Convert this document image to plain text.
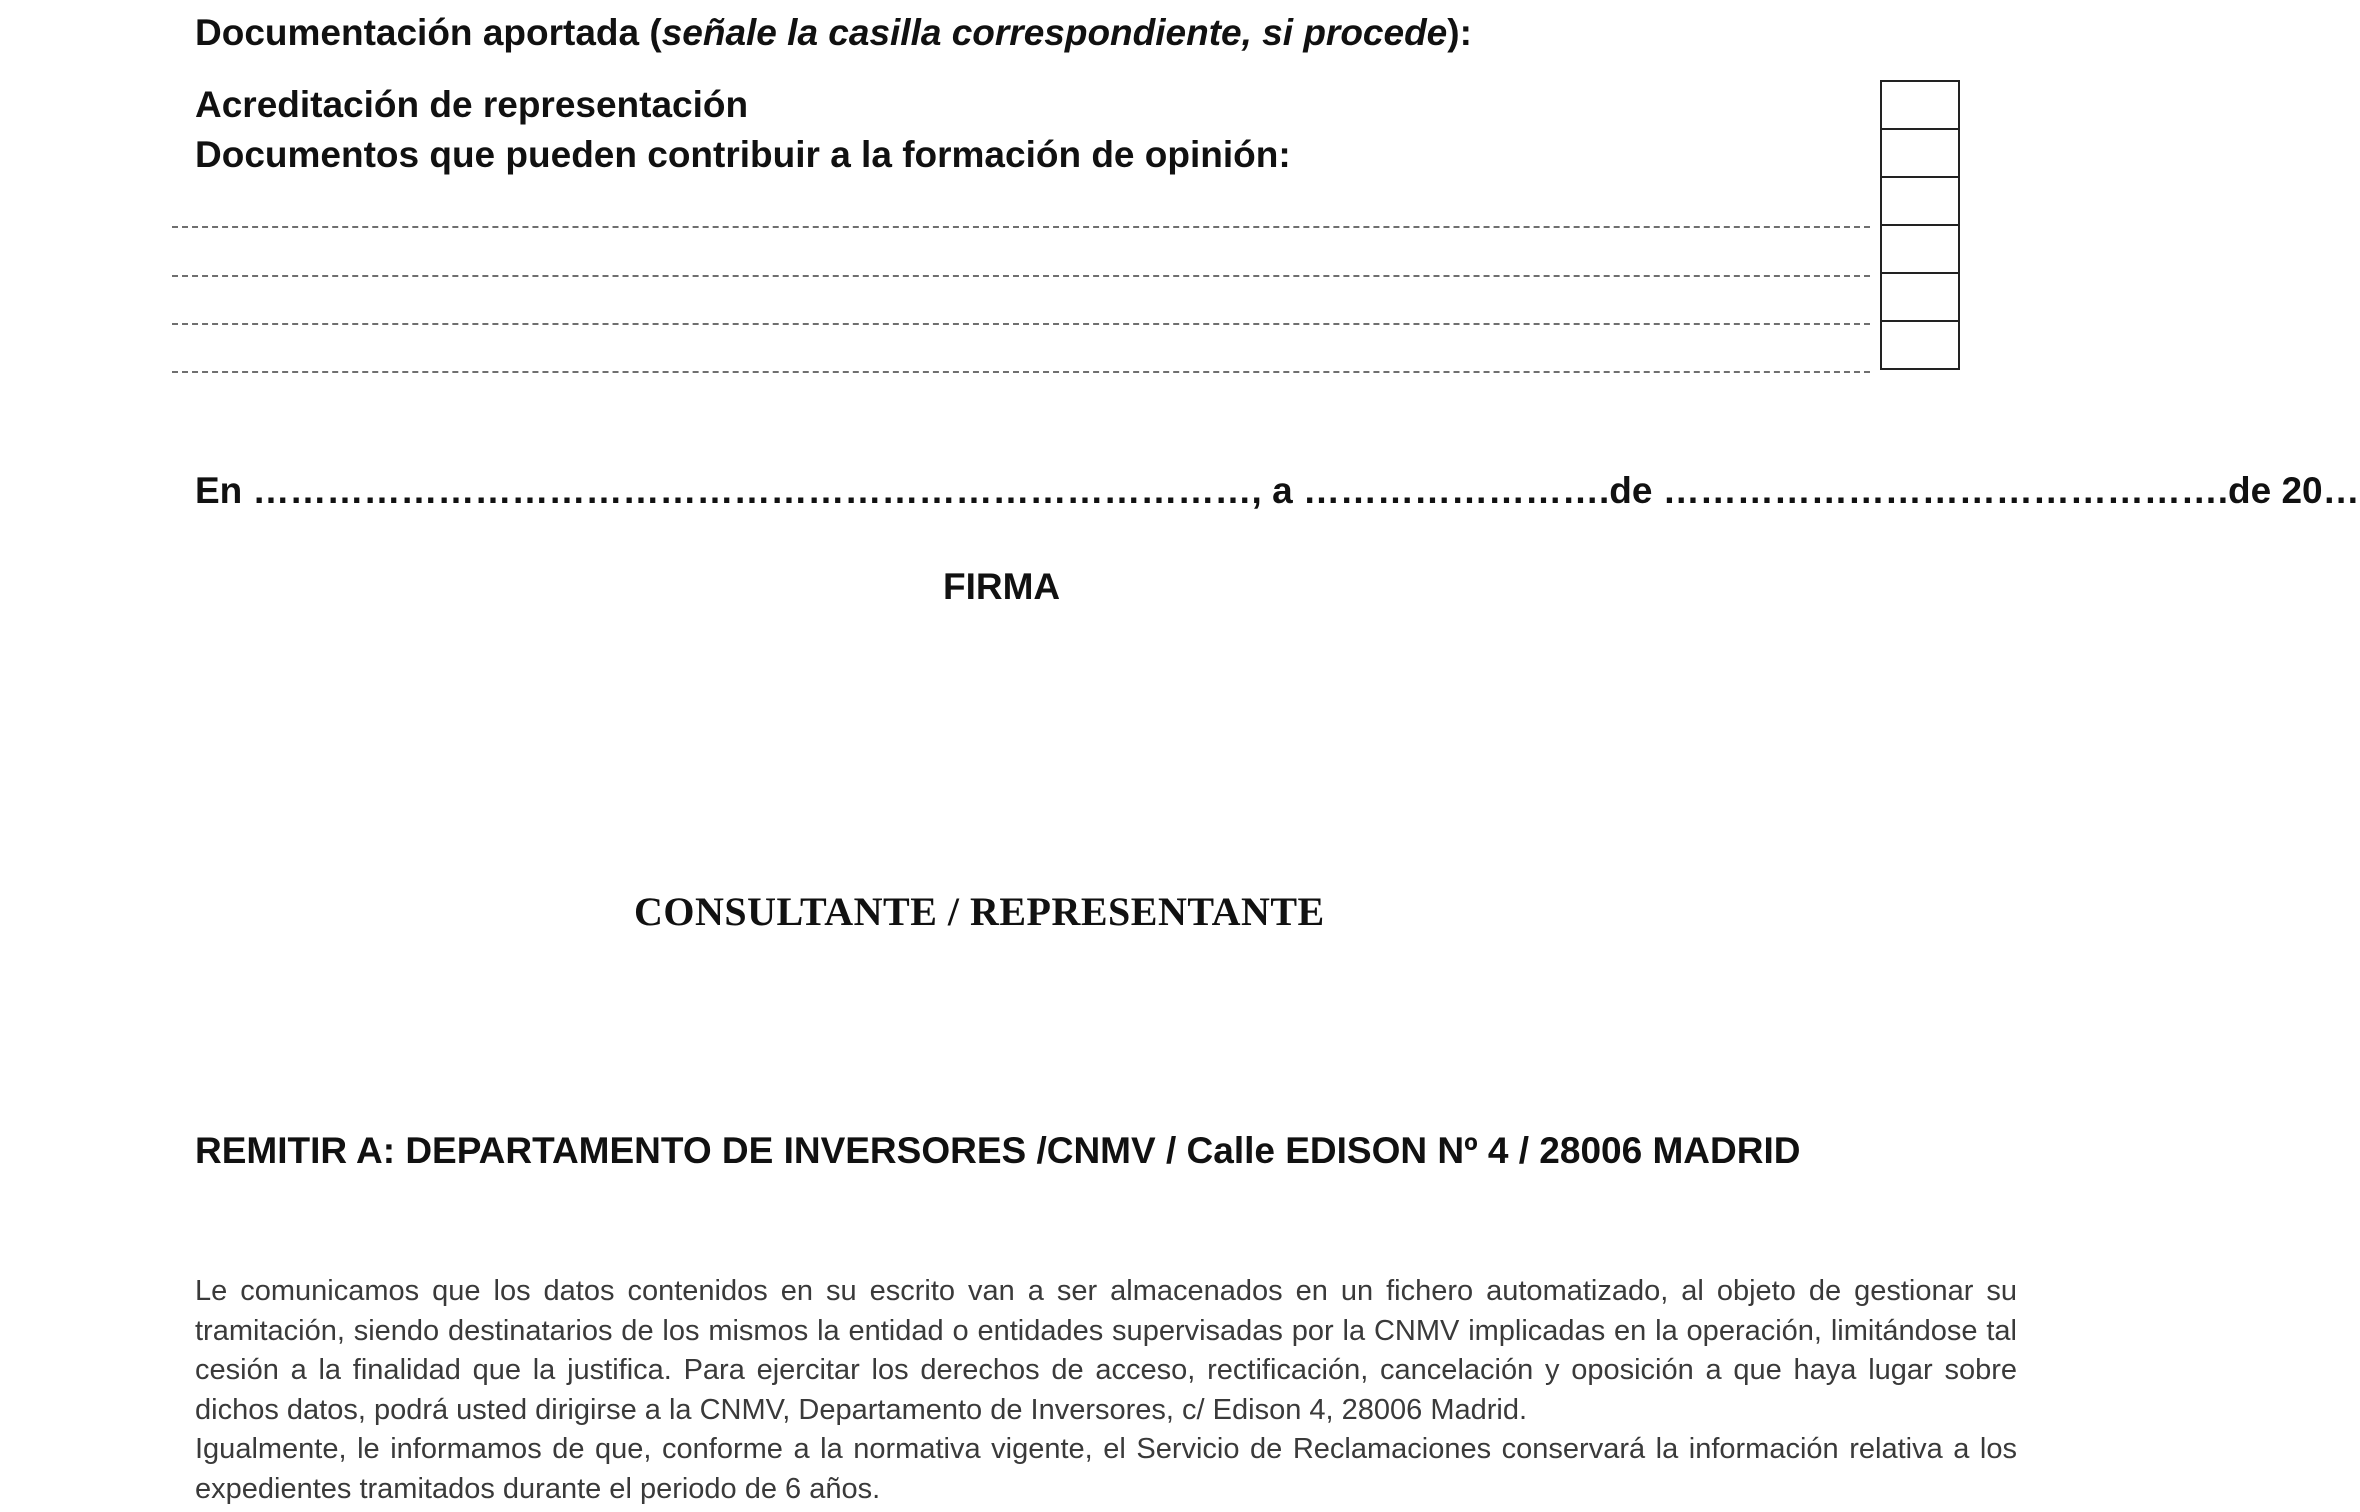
Documentación aportada (señale la casilla correspondiente, si procede):
Acreditación de representación
Documentos que pueden contribuir a la formación de opinión:
En ………………………………………………………………………, a …………………….de ……………………………………….de 20…
FIRMA
CONSULTANTE / REPRESENTANTE
REMITIR A: DEPARTAMENTO DE INVERSORES /CNMV / Calle EDISON Nº 4 / 28006 MADRID

Le comunicamos que los datos contenidos en su escrito van a ser almacenados en un fichero automatizado, al objeto de gestionar su tramitación, siendo destinatarios de los mismos la entidad o entidades supervisadas por la CNMV implicadas en la operación, limitándose tal cesión a la finalidad que la justifica. Para ejercitar los derechos de acceso, rectificación, cancelación y oposición a que haya lugar sobre dichos datos, podrá usted dirigirse a la CNMV, Departamento de Inversores, c/ Edison 4, 28006 Madrid.

Igualmente, le informamos de que, conforme a la normativa vigente, el Servicio de Reclamaciones conservará la información relativa a los expedientes tramitados durante el periodo de 6 años.
